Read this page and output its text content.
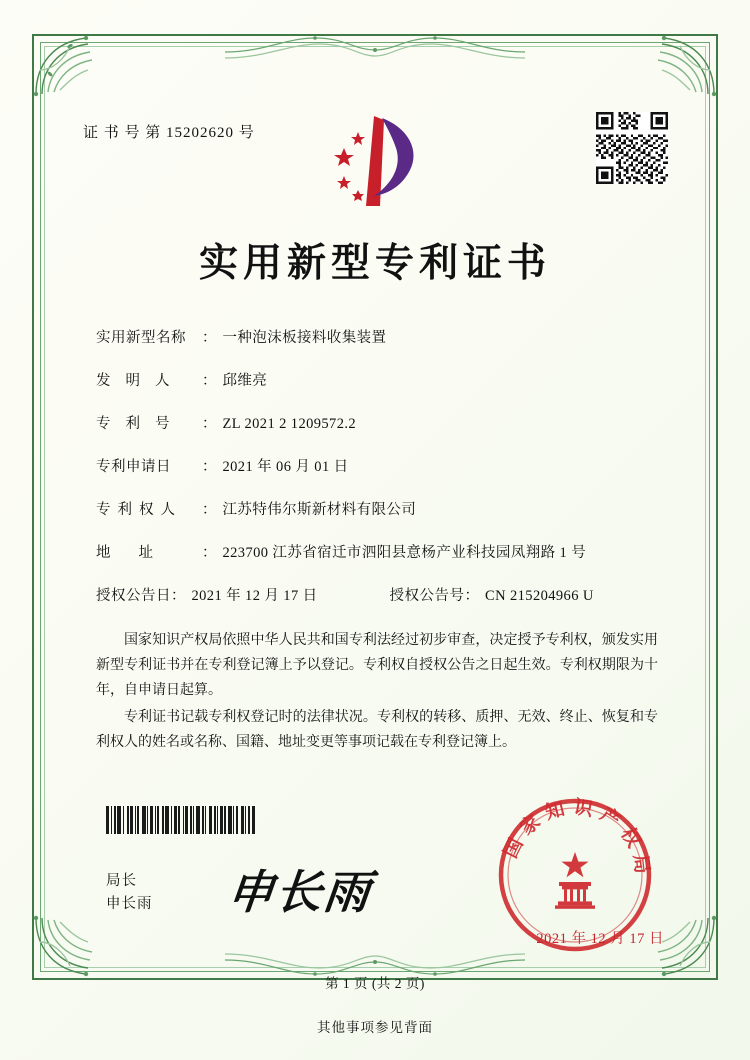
证 书 号 第 15202620 号
实用新型专利证书
实用新型名称	： 一种泡沫板接料收集装置
发明人	： 邱维亮
专利号	： ZL 2021 2 1209572.2
专利申请日	： 2021 年 06 月 01 日
专利权人	： 江苏特伟尔斯新材料有限公司
地址	： 223700 江苏省宿迁市泗阳县意杨产业科技园凤翔路 1 号
授权公告日 ： 2021 年 12 月 17 日	授权公告号 ： CN 215204966 U

国家知识产权局依照中华人民共和国专利法经过初步审查，决定授予专利权，颁发实用新型专利证书并在专利登记簿上予以登记。专利权自授权公告之日起生效。专利权期限为十年，自申请日起算。

专利证书记载专利权登记时的法律状况。专利权的转移、质押、无效、终止、恢复和专利权人的姓名或名称、国籍、地址变更等事项记载在专利登记簿上。

局长
申长雨 申长雨
国家知识产权局
2021 年 12 月 17 日
第 1 页 (共 2 页)
其他事项参见背面
